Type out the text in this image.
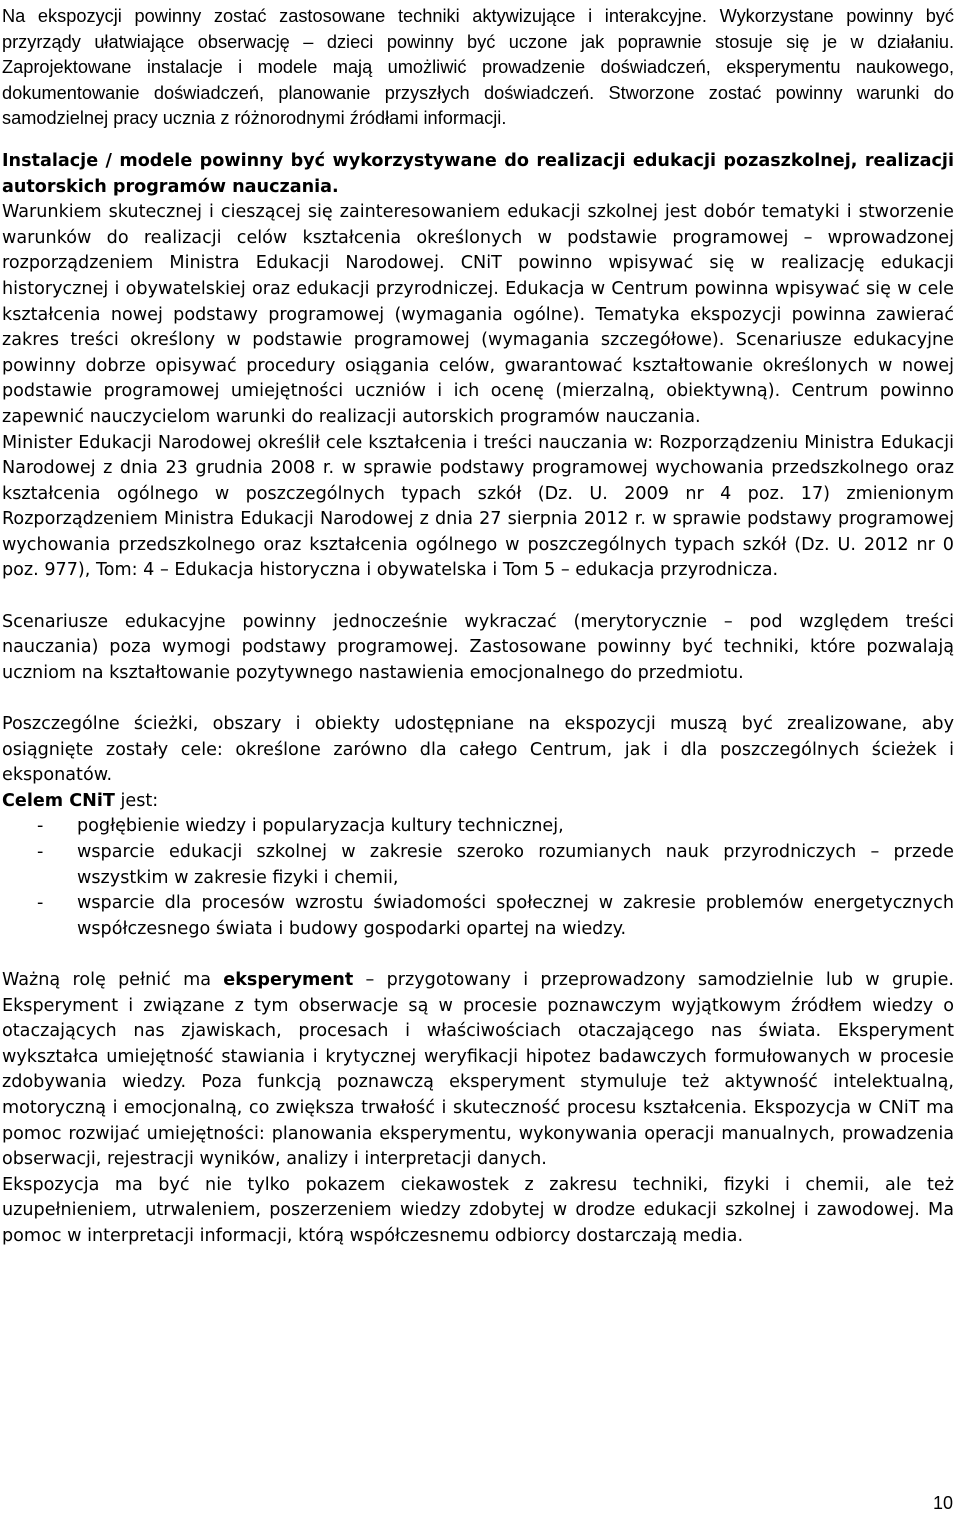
Na ekspozycji powinny zostać zastosowane techniki aktywizujące i interakcyjne. Wykorzystane powinny być przyrządy ułatwiające obserwację – dzieci powinny być uczone jak poprawnie stosuje się je w działaniu. Zaprojektowane instalacje i modele mają umożliwić prowadzenie doświadczeń, eksperymentu naukowego, dokumentowanie doświadczeń, planowanie przyszłych doświadczeń. Stworzone zostać powinny warunki do samodzielnej pracy ucznia z różnorodnymi źródłami informacji.

Instalacje / modele powinny być wykorzystywane do realizacji edukacji pozaszkolnej, realizacji autorskich programów nauczania.

Warunkiem skutecznej i cieszącej się zainteresowaniem edukacji szkolnej jest dobór tematyki i stworzenie warunków do realizacji celów kształcenia określonych w podstawie programowej – wprowadzonej rozporządzeniem Ministra Edukacji Narodowej. CNiT powinno wpisywać się w realizację edukacji historycznej i obywatelskiej oraz edukacji przyrodniczej. Edukacja w Centrum powinna wpisywać się w cele kształcenia nowej podstawy programowej (wymagania ogólne). Tematyka ekspozycji powinna zawierać zakres treści określony w podstawie programowej (wymagania szczegółowe). Scenariusze edukacyjne powinny dobrze opisywać procedury osiągania celów, gwarantować kształtowanie określonych w nowej podstawie programowej umiejętności uczniów i ich ocenę (mierzalną, obiektywną). Centrum powinno zapewnić nauczycielom warunki do realizacji autorskich programów nauczania.

Minister Edukacji Narodowej określił cele kształcenia i treści nauczania w: Rozporządzeniu Ministra Edukacji Narodowej z dnia 23 grudnia 2008 r. w sprawie podstawy programowej wychowania przedszkolnego oraz kształcenia ogólnego w poszczególnych typach szkół (Dz. U. 2009 nr 4 poz. 17) zmienionym Rozporządzeniem Ministra Edukacji Narodowej z dnia 27 sierpnia 2012 r. w sprawie podstawy programowej wychowania przedszkolnego oraz kształcenia ogólnego w poszczególnych typach szkół (Dz. U. 2012 nr 0 poz. 977), Tom: 4 – Edukacja historyczna i obywatelska i Tom 5 – edukacja przyrodnicza.

Scenariusze edukacyjne powinny jednocześnie wykraczać (merytorycznie – pod względem treści nauczania) poza wymogi podstawy programowej. Zastosowane powinny być techniki, które pozwalają uczniom na kształtowanie pozytywnego nastawienia emocjonalnego do przedmiotu.

Poszczególne ścieżki, obszary i obiekty udostępniane na ekspozycji muszą być zrealizowane, aby osiągnięte zostały cele: określone zarówno dla całego Centrum, jak i dla poszczególnych ścieżek i eksponatów.

Celem CNiT jest:

- pogłębienie wiedzy i popularyzacja kultury technicznej,
- wsparcie edukacji szkolnej w zakresie szeroko rozumianych nauk przyrodniczych – przede wszystkim w zakresie fizyki i chemii,
- wsparcie dla procesów wzrostu świadomości społecznej w zakresie problemów energetycznych współczesnego świata i budowy gospodarki opartej na wiedzy.

Ważną rolę pełnić ma eksperyment – przygotowany i przeprowadzony samodzielnie lub w grupie. Eksperyment i związane z tym obserwacje są w procesie poznawczym wyjątkowym źródłem wiedzy o otaczających nas zjawiskach, procesach i właściwościach otaczającego nas świata. Eksperyment wykształca umiejętność stawiania i krytycznej weryfikacji hipotez badawczych formułowanych w procesie zdobywania wiedzy. Poza funkcją poznawczą eksperyment stymuluje też aktywność intelektualną, motoryczną i emocjonalną, co zwiększa trwałość i skuteczność procesu kształcenia. Ekspozycja w CNiT ma pomoc rozwijać umiejętności: planowania eksperymentu, wykonywania operacji manualnych, prowadzenia obserwacji, rejestracji wyników, analizy i interpretacji danych.

Ekspozycja ma być nie tylko pokazem ciekawostek z zakresu techniki, fizyki i chemii, ale też uzupełnieniem, utrwaleniem, poszerzeniem wiedzy zdobytej w drodze edukacji szkolnej i zawodowej. Ma pomoc w interpretacji informacji, którą współczesnemu odbiorcy dostarczają media.

10
